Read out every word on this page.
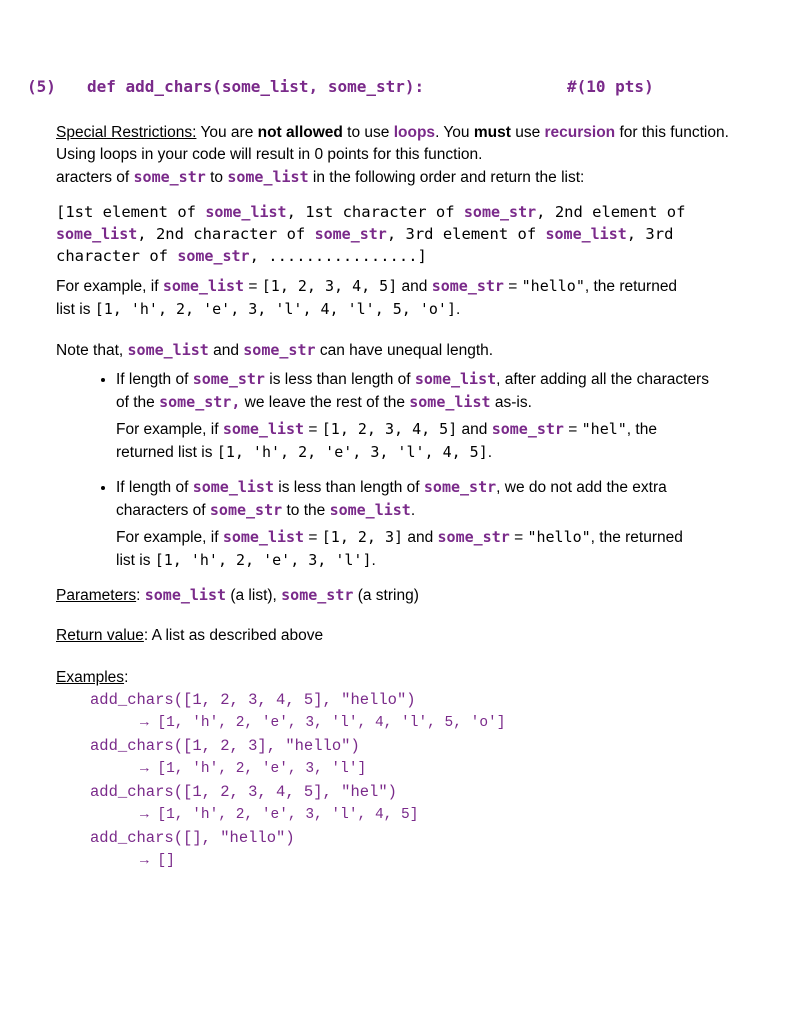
(5) def add_chars(some_list, some_str):	#(10 pts)

Special Restrictions: You are not allowed to use loops. You must use recursion for this function.
Using loops in your code will result in 0 points for this function.
aracters of some_str to some_list in the following order and return the list:

[1st element of some_list, 1st character of some_str, 2nd element of
some_list, 2nd character of some_str, 3rd element of some_list, 3rd
character of some_str, ................]

For example, if some_list = [1, 2, 3, 4, 5] and some_str = "hello", the returned
list is [1, 'h', 2, 'e', 3, 'l', 4, 'l', 5, 'o'].

Note that, some_list and some_str can have unequal length.

• If length of some_str is less than length of some_list, after adding all the characters
of the some_str, we leave the rest of the some_list as-is.

For example, if some_list = [1, 2, 3, 4, 5] and some_str = "hel", the
returned list is [1, 'h', 2, 'e', 3, 'l', 4, 5].

• If length of some_list is less than length of some_str, we do not add the extra
characters of some_str to the some_list.

For example, if some_list = [1, 2, 3] and some_str = "hello", the returned
list is [1, 'h', 2, 'e', 3, 'l'].

Parameters: some_list (a list), some_str (a string)

Return value: A list as described above

Examples:

add_chars([1, 2, 3, 4, 5], "hello")
→ [1, 'h', 2, 'e', 3, 'l', 4, 'l', 5, 'o']
add_chars([1, 2, 3], "hello")
→ [1, 'h', 2, 'e', 3, 'l']
add_chars([1, 2, 3, 4, 5], "hel")
→ [1, 'h', 2, 'e', 3, 'l', 4, 5]
add_chars([], "hello")
→ []
